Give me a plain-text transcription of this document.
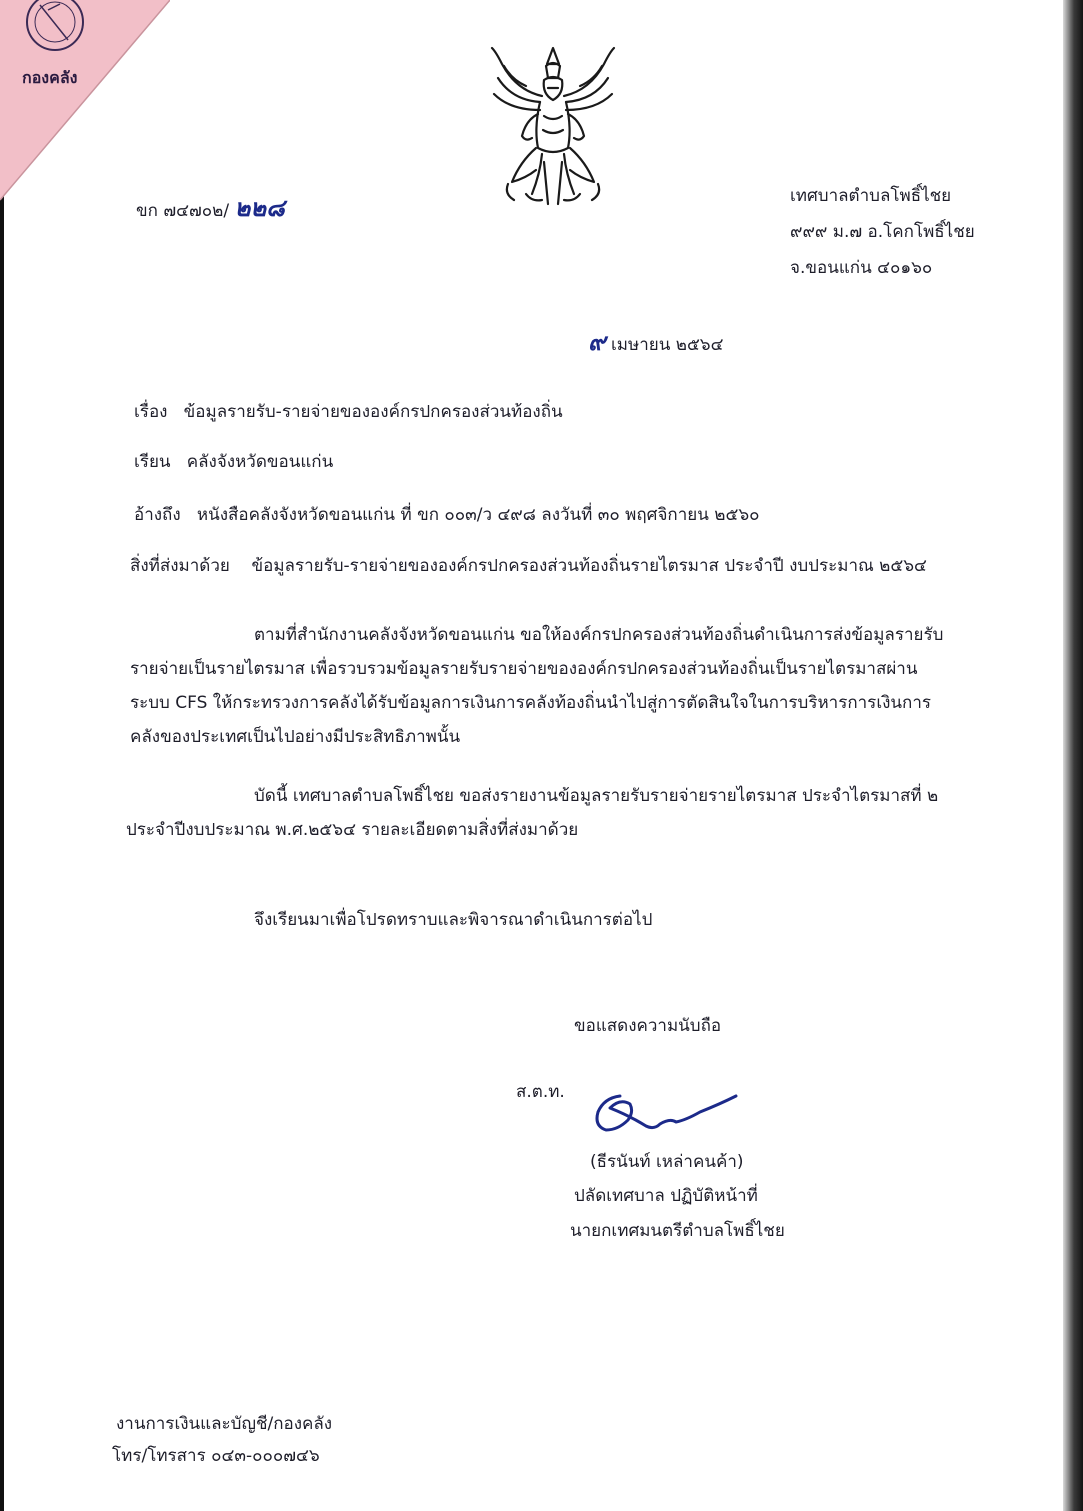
กองคลัง
ขก ๗๔๗๐๒/ ๒๒๘	เทศบาลตำบลโพธิ์ไชย
๙๙๙ ม.๗ อ.โคกโพธิ์ไชย
จ.ขอนแก่น ๔๐๑๖๐
๙ เมษายน ๒๕๖๔
เรื่อง ข้อมูลรายรับ-รายจ่ายขององค์กรปกครองส่วนท้องถิ่น
เรียน คลังจังหวัดขอนแก่น
อ้างถึง หนังสือคลังจังหวัดขอนแก่น ที่ ขก ๐๐๓/ว ๔๙๘ ลงวันที่ ๓๐ พฤศจิกายน ๒๕๖๐
สิ่งที่ส่งมาด้วย ข้อมูลรายรับ-รายจ่ายขององค์กรปกครองส่วนท้องถิ่นรายไตรมาส ประจำปี งบประมาณ ๒๕๖๔
ตามที่สำนักงานคลังจังหวัดขอนแก่น ขอให้องค์กรปกครองส่วนท้องถิ่นดำเนินการส่งข้อมูลรายรับ
รายจ่ายเป็นรายไตรมาส เพื่อรวบรวมข้อมูลรายรับรายจ่ายขององค์กรปกครองส่วนท้องถิ่นเป็นรายไตรมาสผ่าน
ระบบ CFS ให้กระทรวงการคลังได้รับข้อมูลการเงินการคลังท้องถิ่นนำไปสู่การตัดสินใจในการบริหารการเงินการ
คลังของประเทศเป็นไปอย่างมีประสิทธิภาพนั้น
บัดนี้ เทศบาลตำบลโพธิ์ไชย ขอส่งรายงานข้อมูลรายรับรายจ่ายรายไตรมาส ประจำไตรมาสที่ ๒
ประจำปีงบประมาณ พ.ศ.๒๕๖๔ รายละเอียดตามสิ่งที่ส่งมาด้วย
จึงเรียนมาเพื่อโปรดทราบและพิจารณาดำเนินการต่อไป
ขอแสดงความนับถือ
ส.ต.ท.
(ธีรนันท์ เหล่าคนค้า)
ปลัดเทศบาล ปฏิบัติหน้าที่
นายกเทศมนตรีตำบลโพธิ์ไชย
งานการเงินและบัญชี/กองคลัง
โทร/โทรสาร ๐๔๓-๐๐๐๗๔๖
